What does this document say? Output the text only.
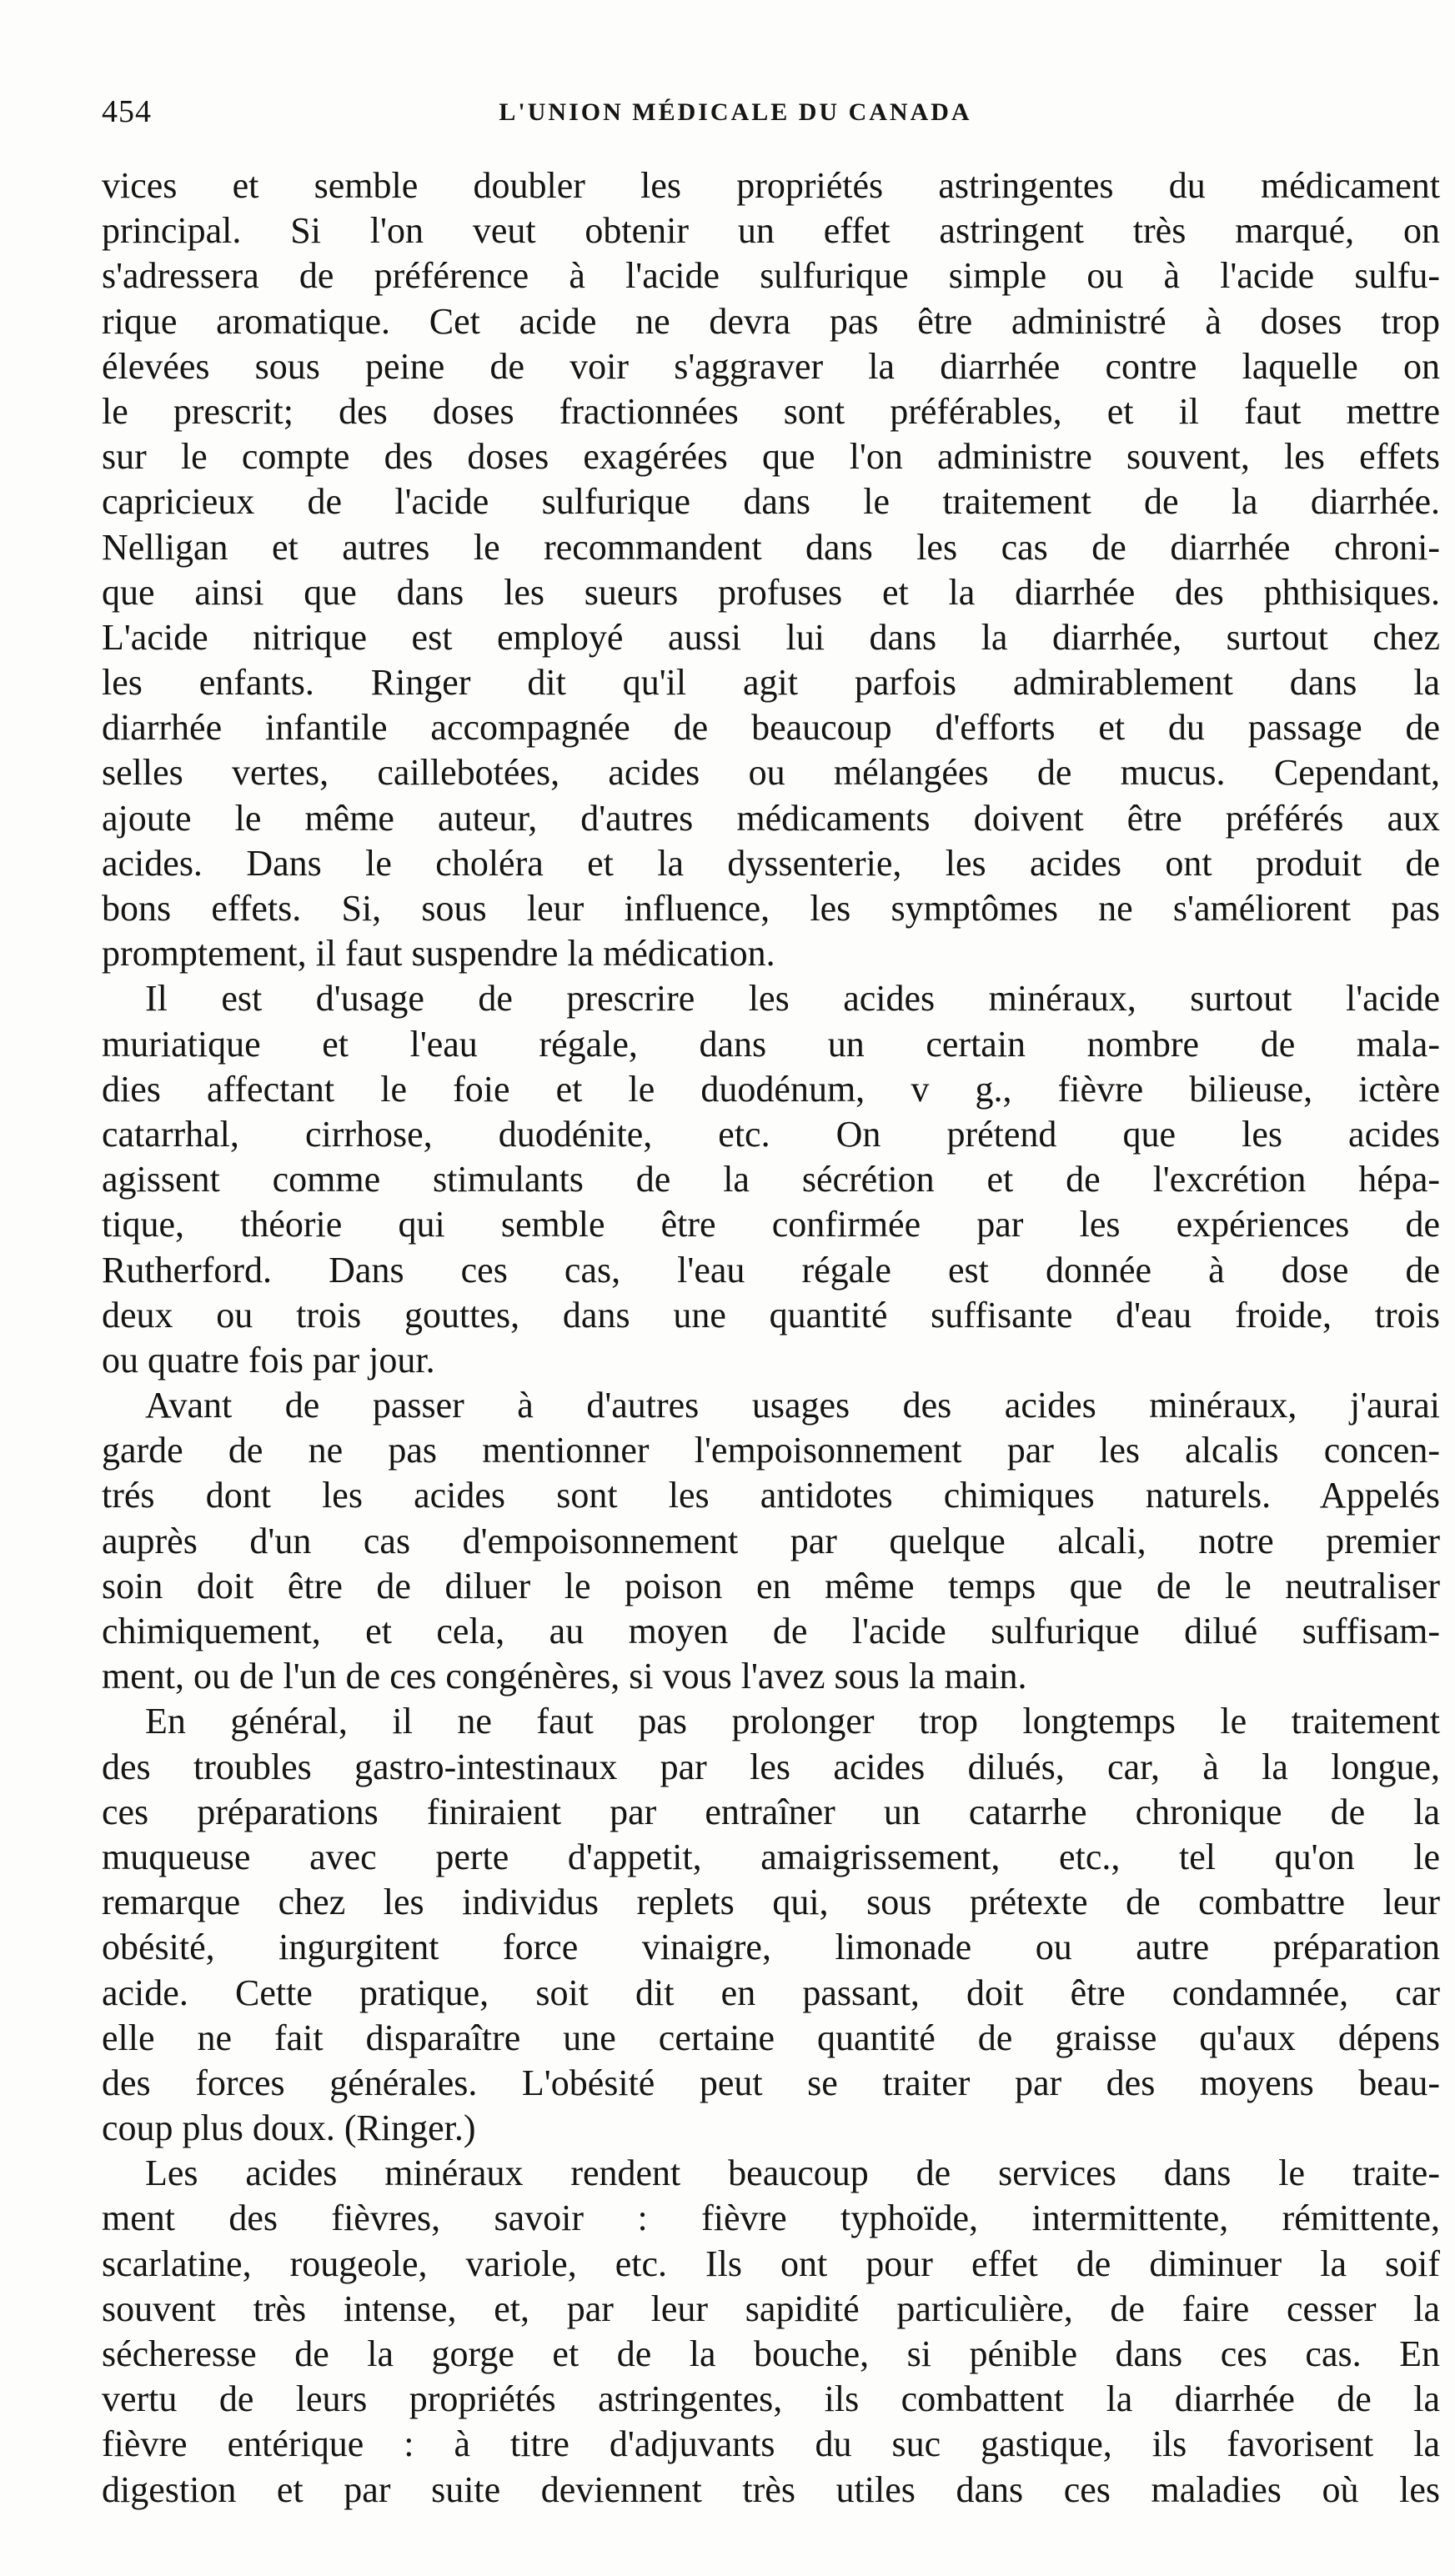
454	L'UNION MÉDICALE DU CANADA
vices et semble doubler les propriétés astringentes du médicament
principal. Si l'on veut obtenir un effet astringent très marqué, on
s'adressera de préférence à l'acide sulfurique simple ou à l'acide sulfu-
rique aromatique. Cet acide ne devra pas être administré à doses trop
élevées sous peine de voir s'aggraver la diarrhée contre laquelle on
le prescrit; des doses fractionnées sont préférables, et il faut mettre
sur le compte des doses exagérées que l'on administre souvent, les effets
capricieux de l'acide sulfurique dans le traitement de la diarrhée.
Nelligan et autres le recommandent dans les cas de diarrhée chroni-
que ainsi que dans les sueurs profuses et la diarrhée des phthisiques.
L'acide nitrique est employé aussi lui dans la diarrhée, surtout chez
les enfants. Ringer dit qu'il agit parfois admirablement dans la
diarrhée infantile accompagnée de beaucoup d'efforts et du passage de
selles vertes, caillebotées, acides ou mélangées de mucus. Cependant,
ajoute le même auteur, d'autres médicaments doivent être préférés aux
acides. Dans le choléra et la dyssenterie, les acides ont produit de
bons effets. Si, sous leur influence, les symptômes ne s'améliorent pas
promptement, il faut suspendre la médication.
Il est d'usage de prescrire les acides minéraux, surtout l'acide
muriatique et l'eau régale, dans un certain nombre de mala-
dies affectant le foie et le duodénum, v g., fièvre bilieuse, ictère
catarrhal, cirrhose, duodénite, etc. On prétend que les acides
agissent comme stimulants de la sécrétion et de l'excrétion hépa-
tique, théorie qui semble être confirmée par les expériences de
Rutherford. Dans ces cas, l'eau régale est donnée à dose de
deux ou trois gouttes, dans une quantité suffisante d'eau froide, trois
ou quatre fois par jour.
Avant de passer à d'autres usages des acides minéraux, j'aurai
garde de ne pas mentionner l'empoisonnement par les alcalis concen-
trés dont les acides sont les antidotes chimiques naturels. Appelés
auprès d'un cas d'empoisonnement par quelque alcali, notre premier
soin doit être de diluer le poison en même temps que de le neutraliser
chimiquement, et cela, au moyen de l'acide sulfurique dilué suffisam-
ment, ou de l'un de ces congénères, si vous l'avez sous la main.
En général, il ne faut pas prolonger trop longtemps le traitement
des troubles gastro-intestinaux par les acides dilués, car, à la longue,
ces préparations finiraient par entraîner un catarrhe chronique de la
muqueuse avec perte d'appetit, amaigrissement, etc., tel qu'on le
remarque chez les individus replets qui, sous prétexte de combattre leur
obésité, ingurgitent force vinaigre, limonade ou autre préparation
acide. Cette pratique, soit dit en passant, doit être condamnée, car
elle ne fait disparaître une certaine quantité de graisse qu'aux dépens
des forces générales. L'obésité peut se traiter par des moyens beau-
coup plus doux. (Ringer.)
Les acides minéraux rendent beaucoup de services dans le traite-
ment des fièvres, savoir : fièvre typhoïde, intermittente, rémittente,
scarlatine, rougeole, variole, etc. Ils ont pour effet de diminuer la soif
souvent très intense, et, par leur sapidité particulière, de faire cesser la
sécheresse de la gorge et de la bouche, si pénible dans ces cas. En
vertu de leurs propriétés astringentes, ils combattent la diarrhée de la
fièvre entérique : à titre d'adjuvants du suc gastique, ils favorisent la
digestion et par suite deviennent très utiles dans ces maladies où les
